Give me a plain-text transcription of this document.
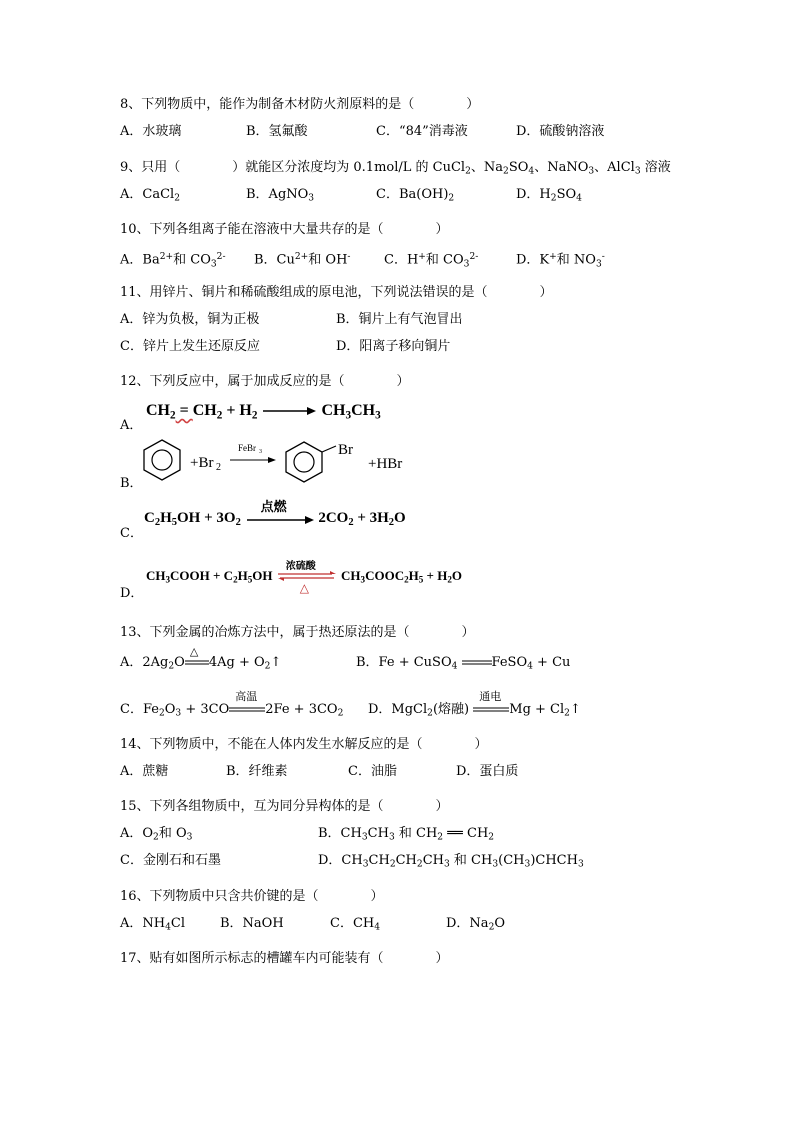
8、下列物质中，能作为制备木材防火剂原料的是（　　　　）
A．水玻璃	B．氢氟酸	C．“84”消毒液	D．硫酸钠溶液
9、只用（　　　　）就能区分浓度均为 0.1mol/L 的 CuCl$_2$、$Na_2SO_4$、NaNO$_3$、AlCl$_3$ 溶液
A．CaCl$_2$	B．AgNO$_3$	C．$Ba(OH)_2$	D．$H_2SO_4$
10、下列各组离子能在溶液中大量共存的是（　　　　）
A．$Ba^{2+}$和 $CO_3^{2-}$ B．$Cu^{2+}$和 OH-	C．H+和 $CO_3^{2-}$	D．K+和 $NO_3^-$
11、用锌片、铜片和稀硫酸组成的原电池，下列说法错误的是（　　　　）
A．锌为负极，铜为正极	B．铜片上有气泡冒出
C．锌片上发生还原反应	D．阳离子移向铜片
12、下列反应中，属于加成反应的是（　　　　）
A．
$CH_2 = CH_2 + H_2$	$CH_3CH_3$
B．
+Br 2
FeBr 3	Br
+HBr
C．
$C_2H_5OH + 3O_2$
点燃
$2CO_2 + 3H_2O$
D．
$CH_3COOH + C_2H_5OH$
浓硫酸
△
$CH_3COOC_2H_5 + H_2O$
13、下列金属的冶炼方法中，属于热还原法的是（　　　　）
A．$2Ag_2O$
△
$4Ag + O_2↑$	B．Fe + CuSO$_4$	FeSO$_4$ + Cu
C．$Fe_2O_3 + 3CO$
高温
$2Fe + 3CO_2$ D．MgCl$_2$(熔融)
通电
$Mg + Cl_2↑$
14、下列物质中，不能在人体内发生水解反应的是（　　　　）
A．蔗糖	B．纤维素	C．油脂	D．蛋白质
15、下列各组物质中，互为同分异构体的是（　　　　）
A．$O_2$和 $O_3$	B．$CH_3CH_3$ 和 $CH_2$ ══ $CH_2$
C．金刚石和石墨	D．$CH_3CH_2CH_2CH_3$ 和 $CH_3(CH_3)CHCH_3$
16、下列物质中只含共价键的是（　　　　）
A．$NH_4Cl$	B．NaOH	C．$CH_4$	D．$Na_2O$
17、贴有如图所示标志的槽罐车内可能装有（　　　　）
